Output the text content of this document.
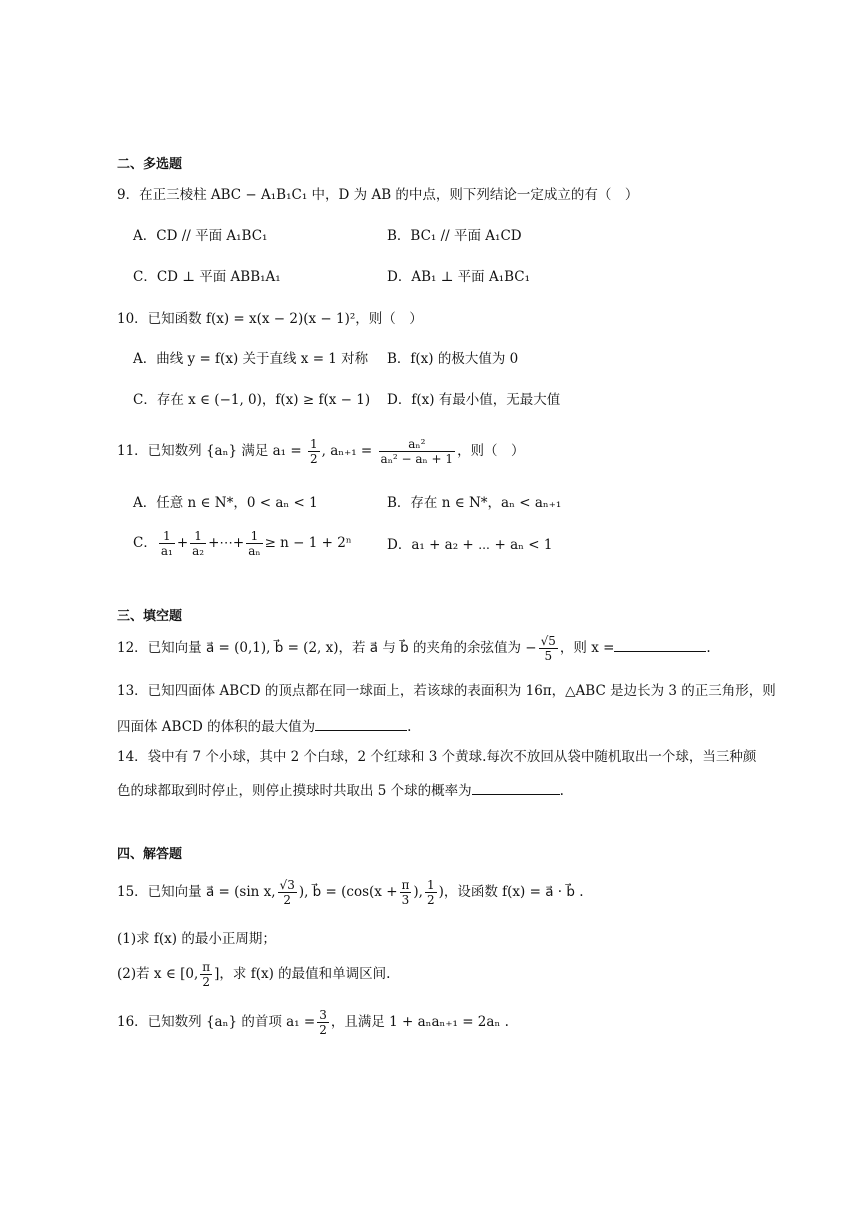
二、多选题
9．在正三棱柱 ABC − A₁B₁C₁ 中，D 为 AB 的中点，则下列结论一定成立的有（　）
A．CD // 平面 A₁BC₁	B．BC₁ // 平面 A₁CD
C．CD ⊥ 平面 ABB₁A₁	D．AB₁ ⊥ 平面 A₁BC₁
10．已知函数 f(x) = x(x − 2)(x − 1)²，则（　）
A．曲线 y = f(x) 关于直线 x = 1 对称 B．f(x) 的极大值为 0
C．存在 x ∈ (−1, 0)，f(x) ≥ f(x − 1) D．f(x) 有最小值，无最大值
11．已知数列 {aₙ} 满足 $a_1 = \frac{1}{2}$ , $a_{n+1} = \frac{\text{aₙ²}}{\text{aₙ² − aₙ + 1}}$ ，则（　）
A．任意 n ∈ N*，0 < aₙ < 1	B．存在 n ∈ N*，aₙ < aₙ₊₁
C． $\frac{1}{\text{a₁}} + \frac{1}{\text{a₂}}$ +⋯+ $\frac{1}{\text{aₙ}} \ge n - 1 + 2^n$	D．a₁ + a₂ + ⋯ + aₙ < 1
三、填空题
12．已知向量 a⃗ = (0,1), b⃗ = (2, x)，若 a⃗ 与 b⃗ 的夹角的余弦值为 − $\frac{√5}{5}$ ，则 x =	.
13．已知四面体 ABCD 的顶点都在同一球面上，若该球的表面积为 16π，△ABC 是边长为 3 的正三角形，则
四面体 ABCD 的体积的最大值为	.
14．袋中有 7 个小球，其中 2 个白球，2 个红球和 3 个黄球.每次不放回从袋中随机取出一个球，当三种颜
色的球都取到时停止，则停止摸球时共取出 5 个球的概率为	.
四、解答题
15．已知向量 a⃗ = (sin x, $\frac{√3}{2}$ ), b⃗ = ($\cos(x + \frac{\pi}{3}$ ), $\frac{1}{2}$ )，设函数 f(x) = a⃗ · b⃗ .
(1)求 f(x) 的最小正周期；
(2)若 x ∈ [0, $\frac{\pi}{2}$ ]，求 f(x) 的最值和单调区间.
16．已知数列 {aₙ} 的首项 $a_1 = \frac{3}{2}$ ，且满足 1 + aₙaₙ₊₁ = 2aₙ .
